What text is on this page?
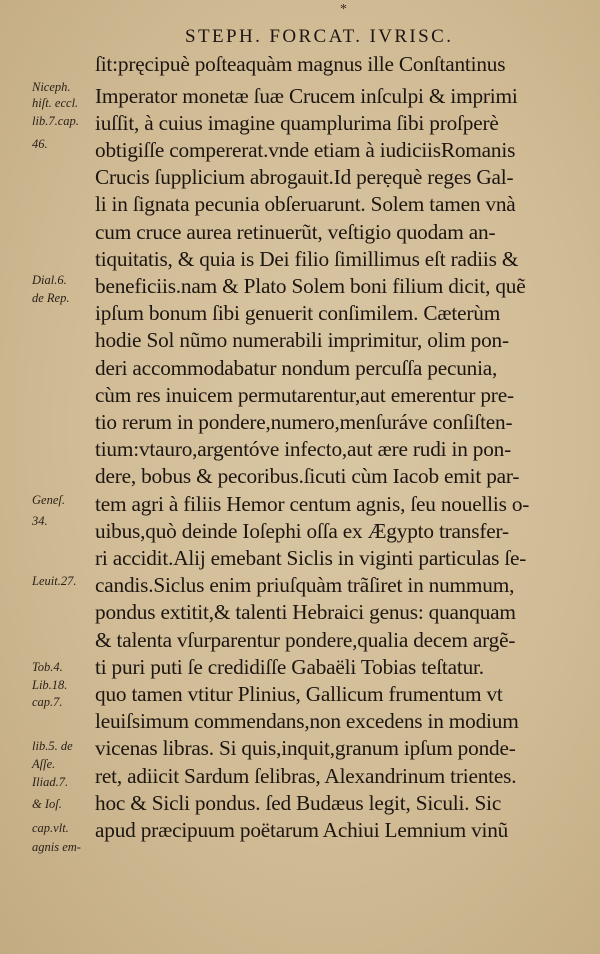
*
STEPH. FORCAT. IVRISC.
ſit:pręcipuè poſteaquàm magnus ille Conſtantinus
Imperator monetæ ſuæ Crucem inſculpi & imprimi
iuſſit, à cuius imagine quamplurima ſibi proſperè
obtigiſſe compererat.vnde etiam à iudiciisRomanis
Crucis ſupplicium abrogauit.Id perẹquè reges Gal-
li in ſignata pecunia obſeruarunt. Solem tamen vnà
cum cruce aurea retinuerũt, veſtigio quodam an-
tiquitatis, & quia is Dei filio ſimillimus eſt radiis &
beneficiis.nam & Plato Solem boni filium dicit, quẽ
ipſum bonum ſibi genuerit conſimilem. Cæterùm
hodie Sol nũmo numerabili imprimitur, olim pon-
deri accommodabatur nondum percuſſa pecunia,
cùm res inuicem permutarentur,aut emerentur pre-
tio rerum in pondere,numero,menſuráve conſiſten-
tium:vtauro,argentóve infecto,aut ære rudi in pon-
dere, bobus & pecoribus.ſicuti cùm Iacob emit par-
tem agri à filiis Hemor centum agnis, ſeu nouellis o-
uibus,quò deinde Ioſephi oſſa ex Ægypto transfer-
ri accidit.Alij emebant Siclis in viginti particulas ſe-
candis.Siclus enim priuſquàm trãſiret in nummum,
pondus extitit,& talenti Hebraici genus: quanquam
& talenta vſurparentur pondere,qualia decem argẽ-
ti puri puti ſe credidiſſe Gabaëli Tobias teſtatur.
quo tamen vtitur Plinius, Gallicum frumentum vt
leuiſsimum commendans,non excedens in modium
vicenas libras. Si quis,inquit,granum ipſum ponde-
ret, adiicit Sardum ſelibras, Alexandrinum trientes.
hoc & Sicli pondus. ſed Budæus legit, Siculi. Sic
apud præcipuum poëtarum Achiui Lemnium vinũ
Niceph.
hiſt. eccl.
lib.7.cap.
46.
Dial.6.
de Rep.
Geneſ.
34.
Leuit.27.
Tob.4.
Lib.18.
cap.7.
lib.5. de
Aſſe.
Iliad.7.
& Ioſ.
cap.vlt.
agnis em-
